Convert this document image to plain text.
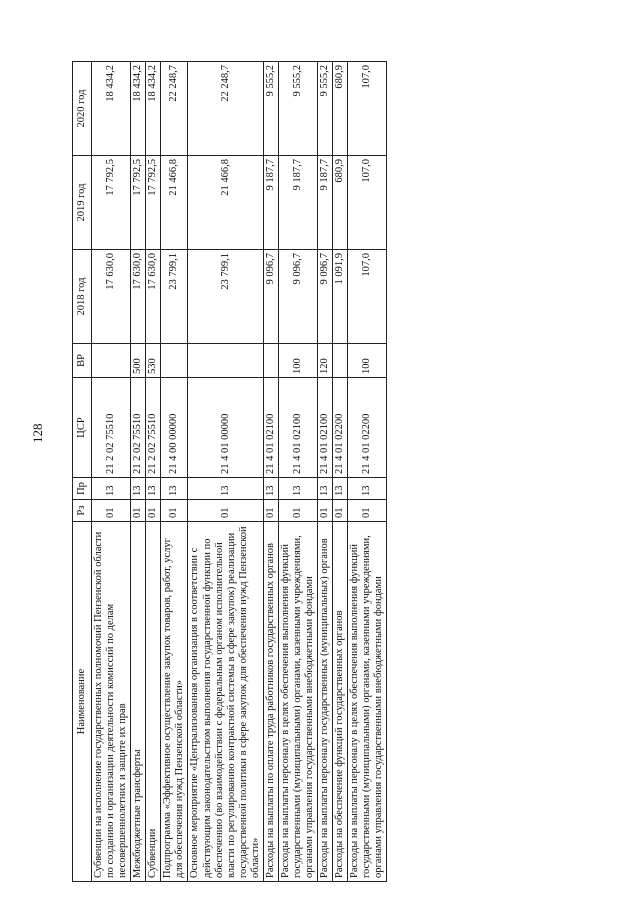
128
Наименование	Рз	Пр	ЦСР	ВР	2018 год	2019 год	2020 год
Субвенции на исполнение государственных полномочий Пензенской области по созданию и организации деятельности комиссий по делам несовершеннолетних и защите их прав	01	13	21 2 02 75510		17 630,0	17 792,5	18 434,2
Межбюджетные трансферты	01	13	21 2 02 75510	500	17 630,0	17 792,5	18 434,2
Субвенции	01	13	21 2 02 75510	530	17 630,0	17 792,5	18 434,2
Подпрограмма «Эффективное осуществление закупок товаров, работ, услуг для обеспечения нужд Пензенской области»	01	13	21 4 00 00000		23 799,1	21 466,8	22 248,7
Основное мероприятие «Централизованная организация в соответствии с действующим законодательством выполнения государственной функции по обеспечению (во взаимодействии с федеральным органом исполнительной власти по регулированию контрактной системы в сфере закупок) реализации государственной политики в сфере закупок для обеспечения нужд Пензенской области»	01	13	21 4 01 00000		23 799,1	21 466,8	22 248,7
Расходы на выплаты по оплате труда работников государственных органов	01	13	21 4 01 02100		9 096,7	9 187,7	9 555,2
Расходы на выплаты персоналу в целях обеспечения выполнения функций государственными (муниципальными) органами, казенными учреждениями, органами управления государственными внебюджетными фондами	01	13	21 4 01 02100	100	9 096,7	9 187,7	9 555,2
Расходы на выплаты персоналу государственных (муниципальных) органов	01	13	21 4 01 02100	120	9 096,7	9 187,7	9 555,2
Расходы на обеспечение функций государственных органов	01	13	21 4 01 02200		1 091,9	680,9	680,9
Расходы на выплаты персоналу в целях обеспечения выполнения функций государственными (муниципальными) органами, казенными учреждениями, органами управления государственными внебюджетными фондами	01	13	21 4 01 02200	100	107,0	107,0	107,0
